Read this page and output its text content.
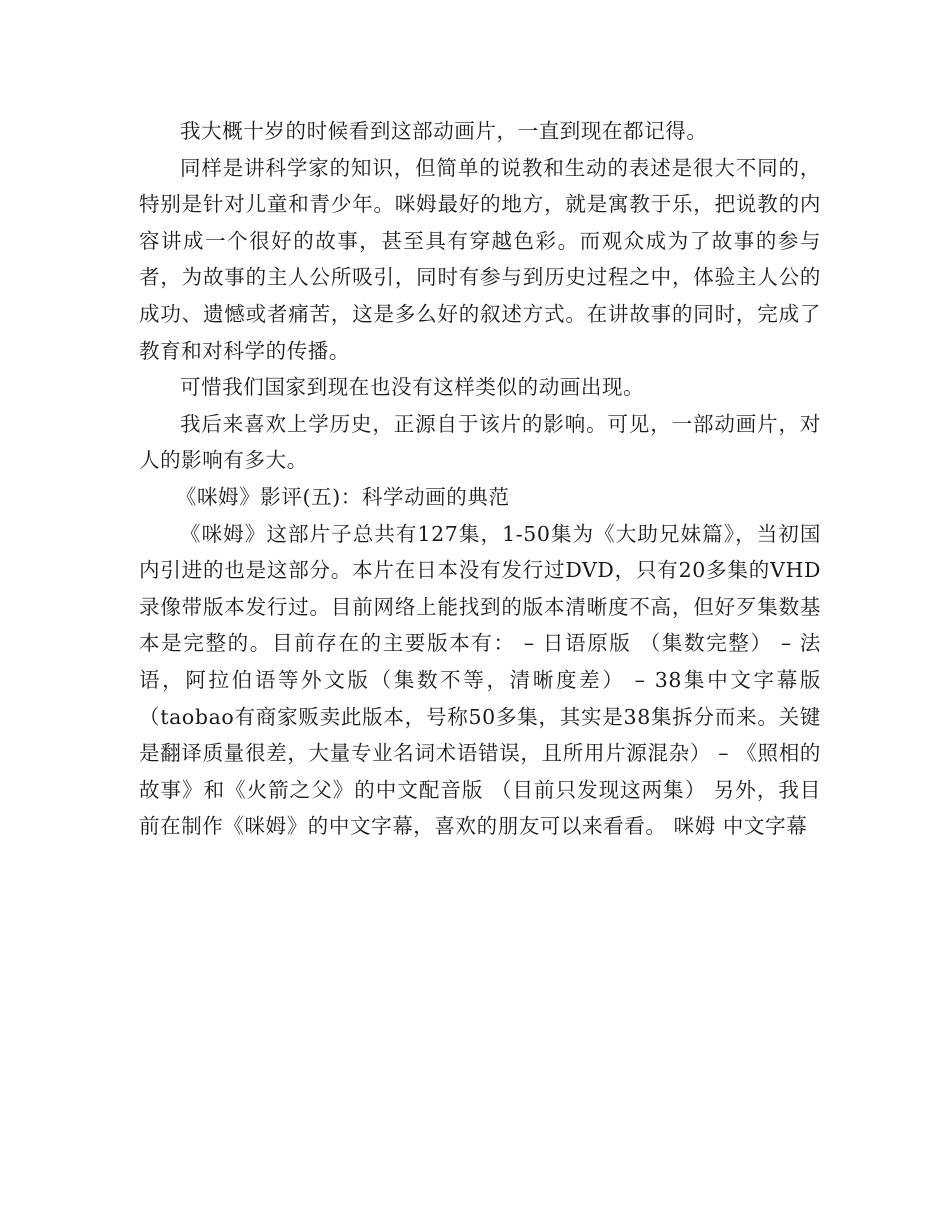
我大概十岁的时候看到这部动画片，一直到现在都记得。

同样是讲科学家的知识，但简单的说教和生动的表述是很大不同的，特别是针对儿童和青少年。咪姆最好的地方，就是寓教于乐，把说教的内容讲成一个很好的故事，甚至具有穿越色彩。而观众成为了故事的参与者，为故事的主人公所吸引，同时有参与到历史过程之中，体验主人公的成功、遗憾或者痛苦，这是多么好的叙述方式。在讲故事的同时，完成了教育和对科学的传播。

可惜我们国家到现在也没有这样类似的动画出现。

我后来喜欢上学历史，正源自于该片的影响。可见，一部动画片，对人的影响有多大。

《咪姆》影评(五)：科学动画的典范

《咪姆》这部片子总共有127集，1-50集为《大助兄妹篇》，当初国内引进的也是这部分。本片在日本没有发行过DVD，只有20多集的VHD录像带版本发行过。目前网络上能找到的版本清晰度不高，但好歹集数基本是完整的。目前存在的主要版本有： – 日语原版 （集数完整） – 法语，阿拉伯语等外文版（集数不等，清晰度差） – 38集中文字幕版（taobao有商家贩卖此版本，号称50多集，其实是38集拆分而来。关键是翻译质量很差，大量专业名词术语错误，且所用片源混杂） – 《照相的故事》和《火箭之父》的中文配音版 （目前只发现这两集） 另外，我目前在制作《咪姆》的中文字幕，喜欢的朋友可以来看看。 咪姆 中文字幕
